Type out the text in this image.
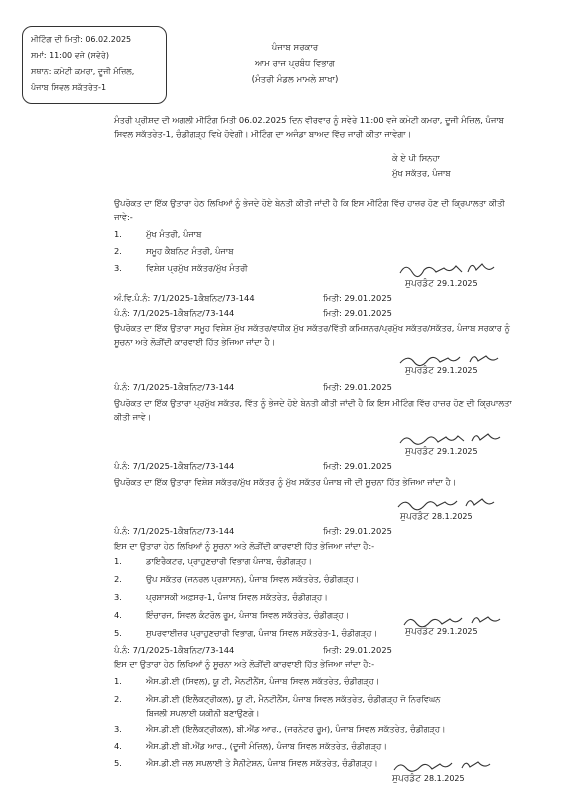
ਮੀਟਿੰਗ ਦੀ ਮਿਤੀ: 06.02.2025
ਸਮਾਂ: 11:00 ਵਜੇ (ਸਵੇਰੇ)
ਸਥਾਨ: ਕਮੇਟੀ ਕਮਰਾ, ਦੂਜੀ ਮੰਜ਼ਿਲ,
ਪੰਜਾਬ ਸਿਵਲ ਸਕੱਤਰੇਤ-1
ਪੰਜਾਬ ਸਰਕਾਰ
ਆਮ ਰਾਜ ਪ੍ਰਬੰਧ ਵਿਭਾਗ
(ਮੰਤਰੀ ਮੰਡਲ ਮਾਮਲੇ ਸ਼ਾਖਾ)
ਮੰਤਰੀ ਪ੍ਰੀਸ਼ਦ ਦੀ ਅਗਲੀ ਮੀਟਿੰਗ ਮਿਤੀ 06.02.2025 ਦਿਨ ਵੀਰਵਾਰ ਨੂੰ ਸਵੇਰੇ 11:00 ਵਜੇ ਕਮੇਟੀ ਕਮਰਾ, ਦੂਜੀ ਮੰਜ਼ਿਲ, ਪੰਜਾਬ ਸਿਵਲ ਸਕੱਤਰੇਤ-1, ਚੰਡੀਗੜ੍ਹ ਵਿਖੇ ਹੋਵੇਗੀ। ਮੀਟਿੰਗ ਦਾ ਅਜੰਡਾ ਬਾਅਦ ਵਿੱਚ ਜਾਰੀ ਕੀਤਾ ਜਾਵੇਗਾ।
ਕੇ ਏ ਪੀ ਸਿਨਹਾ
ਮੁੱਖ ਸਕੱਤਰ, ਪੰਜਾਬ
ਉਪਰੋਕਤ ਦਾ ਇੱਕ ਉਤਾਰਾ ਹੇਠ ਲਿਖਿਆਂ ਨੂੰ ਭੇਜਦੇ ਹੋਏ ਬੇਨਤੀ ਕੀਤੀ ਜਾਂਦੀ ਹੈ ਕਿ ਇਸ ਮੀਟਿੰਗ ਵਿੱਚ ਹਾਜ਼ਰ ਹੋਣ ਦੀ ਕ੍ਰਿਪਾਲਤਾ ਕੀਤੀ ਜਾਵੇ:-
1.	ਮੁੱਖ ਮੰਤਰੀ, ਪੰਜਾਬ
2.	ਸਮੂਹ ਕੈਬਨਿਟ ਮੰਤਰੀ, ਪੰਜਾਬ
3.	ਵਿਸ਼ੇਸ਼ ਪ੍ਰਮੁੱਖ ਸਕੱਤਰ/ਮੁੱਖ ਮੰਤਰੀ
ਸੁਪਰਡੰਟ 29.1.2025
ਅੰ.ਵਿ.ਪੰ.ਨੰ: 7/1/2025-1ਕੈਬਨਿਟ/73-144	ਮਿਤੀ: 29.01.2025
ਪੰ.ਨੰ: 7/1/2025-1ਕੈਬਨਿਟ/73-144	ਮਿਤੀ: 29.01.2025
ਉਪਰੋਕਤ ਦਾ ਇੱਕ ਉਤਾਰਾ ਸਮੂਹ ਵਿਸ਼ੇਸ਼ ਮੁੱਖ ਸਕੱਤਰ/ਵਧੀਕ ਮੁੱਖ ਸਕੱਤਰ/ਵਿੱਤੀ ਕਮਿਸ਼ਨਰ/ਪ੍ਰਮੁੱਖ ਸਕੱਤਰ/ਸਕੱਤਰ, ਪੰਜਾਬ ਸਰਕਾਰ ਨੂੰ ਸੂਚਨਾ ਅਤੇ ਲੋੜੀਂਦੀ ਕਾਰਵਾਈ ਹਿੱਤ ਭੇਜਿਆ ਜਾਂਦਾ ਹੈ।
ਸੁਪਰਡੰਟ 29.1.2025
ਪੰ.ਨੰ: 7/1/2025-1ਕੈਬਨਿਟ/73-144	ਮਿਤੀ: 29.01.2025
ਉਪਰੋਕਤ ਦਾ ਇੱਕ ਉਤਾਰਾ ਪ੍ਰਮੁੱਖ ਸਕੱਤਰ, ਵਿੱਤ ਨੂੰ ਭੇਜਦੇ ਹੋਏ ਬੇਨਤੀ ਕੀਤੀ ਜਾਂਦੀ ਹੈ ਕਿ ਇਸ ਮੀਟਿੰਗ ਵਿੱਚ ਹਾਜ਼ਰ ਹੋਣ ਦੀ ਕ੍ਰਿਪਾਲਤਾ ਕੀਤੀ ਜਾਵੇ।
ਸੁਪਰਡੰਟ 29.1.2025
ਪੰ.ਨੰ: 7/1/2025-1ਕੈਬਨਿਟ/73-144	ਮਿਤੀ: 29.01.2025
ਉਪਰੋਕਤ ਦਾ ਇੱਕ ਉਤਾਰਾ ਵਿਸ਼ੇਸ਼ ਸਕੱਤਰ/ਮੁੱਖ ਸਕੱਤਰ ਨੂੰ ਮੁੱਖ ਸਕੱਤਰ ਪੰਜਾਬ ਜੀ ਦੀ ਸੂਚਨਾ ਹਿੱਤ ਭੇਜਿਆ ਜਾਂਦਾ ਹੈ।
ਸੁਪਰਡੰਟ 28.1.2025
ਪੰ.ਨੰ: 7/1/2025-1ਕੈਬਨਿਟ/73-144	ਮਿਤੀ: 29.01.2025
ਇਸ ਦਾ ਉਤਾਰਾ ਹੇਠ ਲਿਖਿਆਂ ਨੂੰ ਸੂਚਨਾ ਅਤੇ ਲੋੜੀਂਦੀ ਕਾਰਵਾਈ ਹਿੱਤ ਭੇਜਿਆ ਜਾਂਦਾ ਹੈ:-
1.	ਡਾਇਰੈਕਟਰ, ਪ੍ਰਾਹੁਣਚਾਰੀ ਵਿਭਾਗ ਪੰਜਾਬ, ਚੰਡੀਗੜ੍ਹ।
2.	ਉਪ ਸਕੱਤਰ (ਜਨਰਲ ਪ੍ਰਸ਼ਾਸਨ), ਪੰਜਾਬ ਸਿਵਲ ਸਕੱਤਰੇਤ, ਚੰਡੀਗੜ੍ਹ।
3.	ਪ੍ਰਸ਼ਾਸਕੀ ਅਫ਼ਸਰ-1, ਪੰਜਾਬ ਸਿਵਲ ਸਕੱਤਰੇਤ, ਚੰਡੀਗੜ੍ਹ।
4.	ਇੰਚਾਰਜ, ਸਿਵਲ ਕੰਟਰੋਲ ਰੂਮ, ਪੰਜਾਬ ਸਿਵਲ ਸਕੱਤਰੇਤ, ਚੰਡੀਗੜ੍ਹ।
5.	ਸੁਪਰਵਾਈਜ਼ਰ ਪ੍ਰਾਹੁਣਚਾਰੀ ਵਿਭਾਗ, ਪੰਜਾਬ ਸਿਵਲ ਸਕੱਤਰੇਤ-1, ਚੰਡੀਗੜ੍ਹ।	ਸੁਪਰਡੰਟ 29.1.2025
ਪੰ.ਨੰ: 7/1/2025-1ਕੈਬਨਿਟ/73-144	ਮਿਤੀ: 29.01.2025
ਇਸ ਦਾ ਉਤਾਰਾ ਹੇਠ ਲਿਖਿਆਂ ਨੂੰ ਸੂਚਨਾ ਅਤੇ ਲੋੜੀਂਦੀ ਕਾਰਵਾਈ ਹਿੱਤ ਭੇਜਿਆ ਜਾਂਦਾ ਹੈ:-
1.	ਐਸ.ਡੀ.ਈ (ਸਿਵਲ), ਯੂ ਟੀ, ਮੈਨਟੀਨੈਂਸ, ਪੰਜਾਬ ਸਿਵਲ ਸਕੱਤਰੇਤ, ਚੰਡੀਗੜ੍ਹ।
2.	ਐਸ.ਡੀ.ਈ (ਇਲੈਕਟ੍ਰੀਕਲ), ਯੂ ਟੀ, ਮੈਨਟੀਨੈਂਸ, ਪੰਜਾਬ ਸਿਵਲ ਸਕੱਤਰੇਤ, ਚੰਡੀਗੜ੍ਹ ਜੋ ਨਿਰਵਿਘਨ
ਬਿਜਲੀ ਸਪਲਾਈ ਯਕੀਨੀ ਬਣਾਉਣਗੇ।
3.	ਐਸ.ਡੀ.ਈ (ਇਲੈਕਟ੍ਰੀਕਲ), ਬੀ.ਐਂਡ ਆਰ., (ਜਰਨੇਟਰ ਰੂਮ), ਪੰਜਾਬ ਸਿਵਲ ਸਕੱਤਰੇਤ, ਚੰਡੀਗੜ੍ਹ।
4.	ਐਸ.ਡੀ.ਈ ਬੀ.ਐਂਡ ਆਰ., (ਦੂਜੀ ਮੰਜ਼ਿਲ), ਪੰਜਾਬ ਸਿਵਲ ਸਕੱਤਰੇਤ, ਚੰਡੀਗੜ੍ਹ।
5.	ਐਸ.ਡੀ.ਈ ਜਲ ਸਪਲਾਈ ਤੇ ਸੈਨੀਟੇਸ਼ਨ, ਪੰਜਾਬ ਸਿਵਲ ਸਕੱਤਰੇਤ, ਚੰਡੀਗੜ੍ਹ।
ਸੁਪਰਡੰਟ 28.1.2025
